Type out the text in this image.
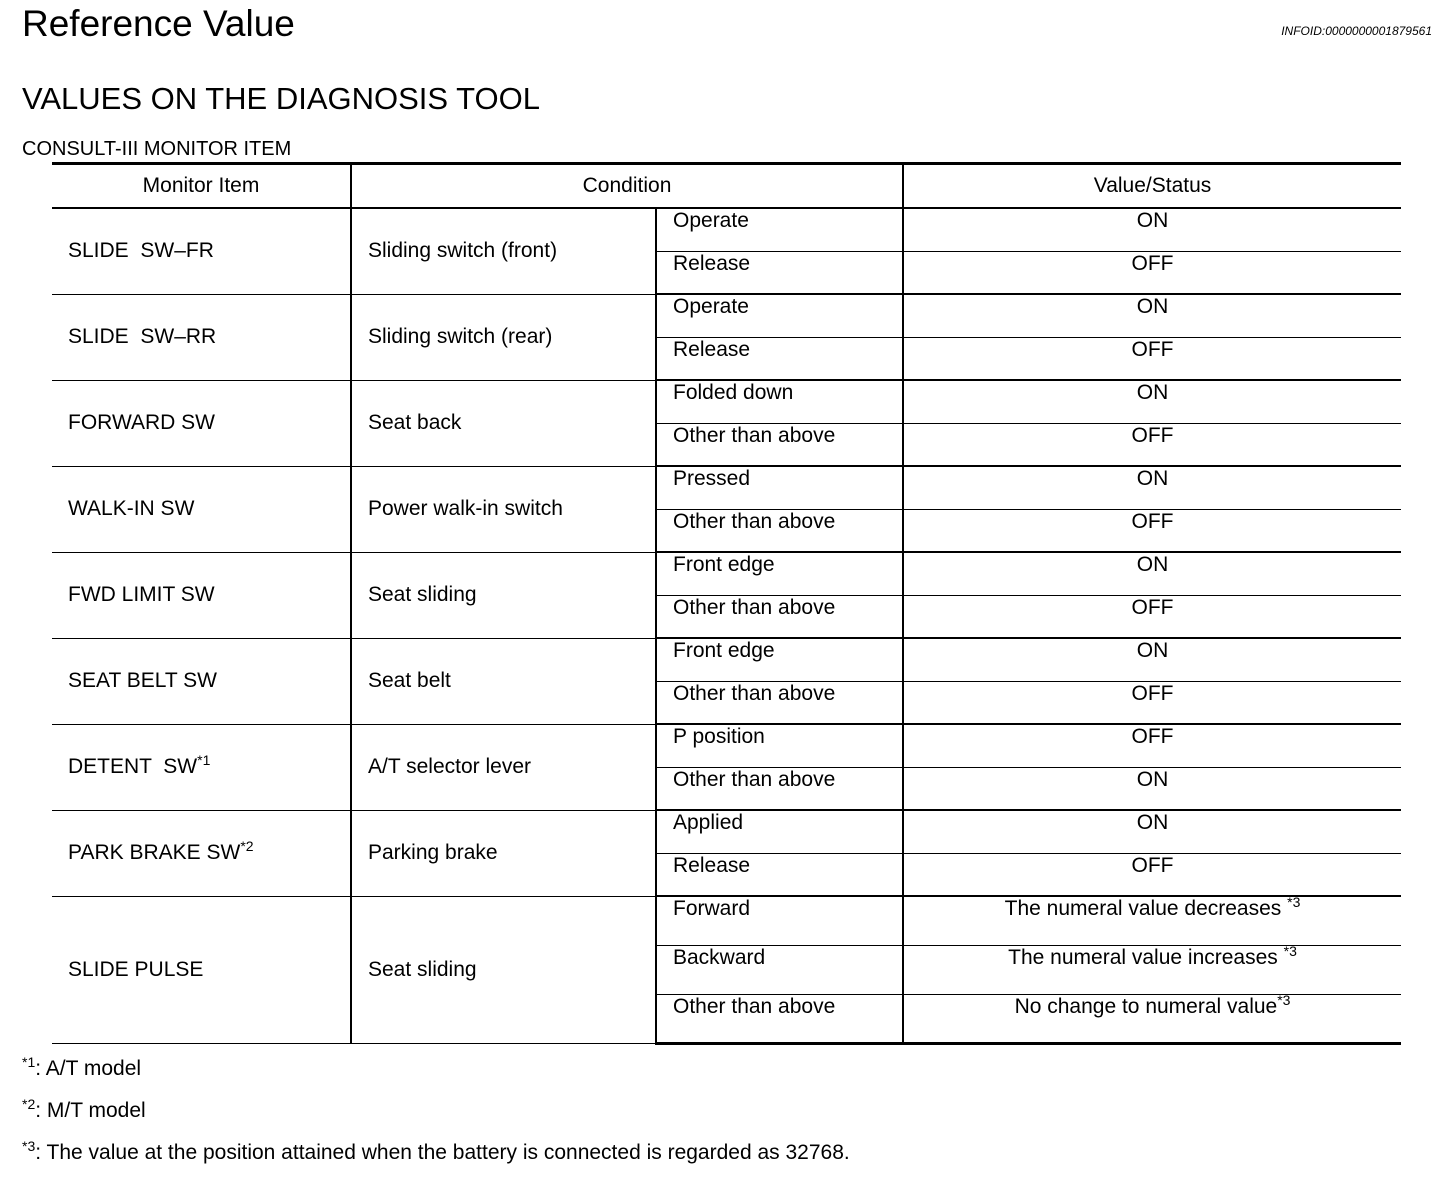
Reference Value	INFOID:0000000001879561
VALUES ON THE DIAGNOSIS TOOL
CONSULT-III MONITOR ITEM
Monitor Item	Condition		Value/Status
SLIDE  SW–FR	Sliding switch (front)	Operate	ON
		Release	OFF
SLIDE  SW–RR	Sliding switch (rear)	Operate	ON
		Release	OFF
FORWARD SW	Seat back	Folded down	ON
		Other than above	OFF
WALK-IN SW	Power walk-in switch	Pressed	ON
		Other than above	OFF
FWD LIMIT SW	Seat sliding	Front edge	ON
		Other than above	OFF
SEAT BELT SW	Seat belt	Front edge	ON
		Other than above	OFF
DETENT  SW$^{*1}$	A/T selector lever	P position	OFF
		Other than above	ON
PARK BRAKE SW$^{*2}$	Parking brake	Applied	ON
		Release	OFF
SLIDE PULSE	Seat sliding	Forward	The numeral value decreases $^{*3}$
		Backward	The numeral value increases $^{*3}$
		Other than above	No change to numeral value$^{*3}$
$^{*1}$: A/T model
$^{*2}$: M/T model
$^{*3}$: The value at the position attained when the battery is connected is regarded as 32768.
